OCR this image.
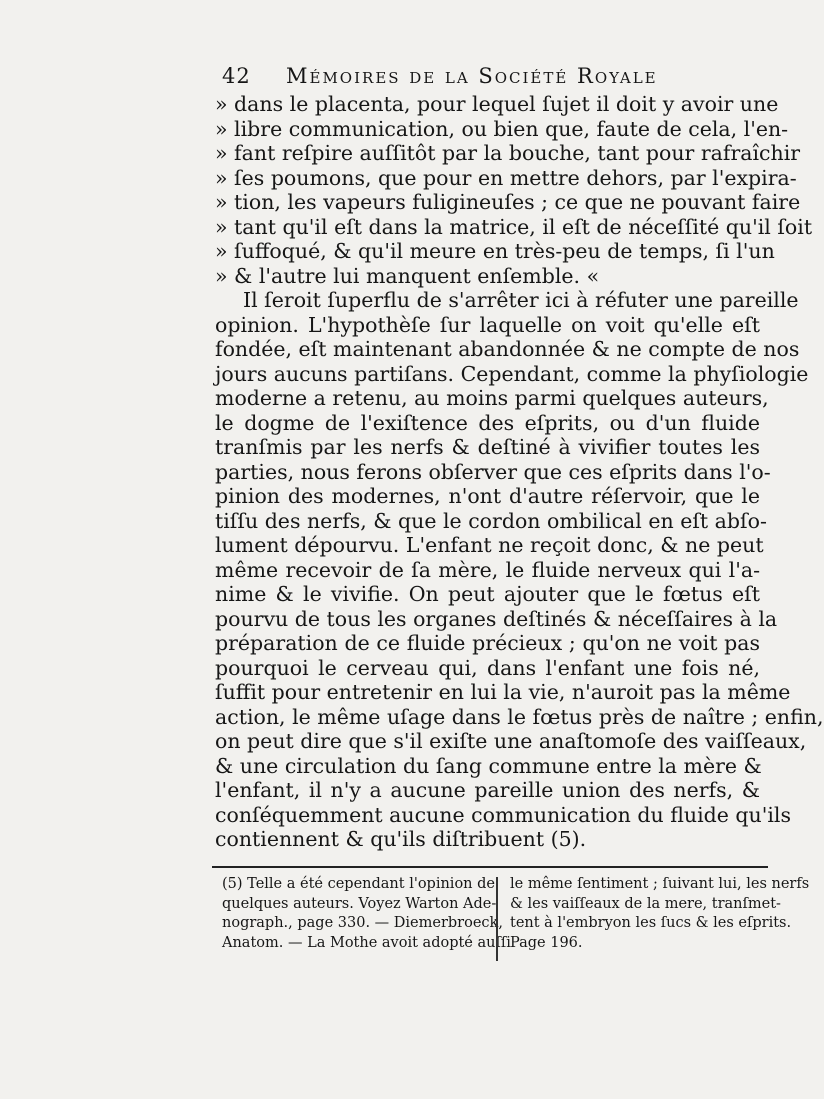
42 Mémoires de la Société Royale
» dans le placenta, pour lequel ſujet il doit y avoir une
» libre communication, ou bien que, faute de cela, l'en-
» fant reſpire auſſitôt par la bouche, tant pour rafraîchir
» ſes poumons, que pour en mettre dehors, par l'expira-
» tion, les vapeurs fuligineuſes ; ce que ne pouvant faire
» tant qu'il eſt dans la matrice, il eſt de néceſſité qu'il ſoit
» ſuffoqué, & qu'il meure en très-peu de temps, ſi l'un
» & l'autre lui manquent enſemble. «
Il ſeroit ſuperflu de s'arrêter ici à réfuter une pareille
opinion. L'hypothèſe ſur laquelle on voit qu'elle eſt
fondée, eſt maintenant abandonnée & ne compte de nos
jours aucuns partiſans. Cependant, comme la phyſiologie
moderne a retenu, au moins parmi quelques auteurs,
le dogme de l'exiſtence des eſprits, ou d'un fluide
tranſmis par les nerfs & deſtiné à vivifier toutes les
parties, nous ferons obſerver que ces eſprits dans l'o-
pinion des modernes, n'ont d'autre réſervoir, que le
tiſſu des nerfs, & que le cordon ombilical en eſt abſo-
lument dépourvu. L'enfant ne reçoit donc, & ne peut
même recevoir de ſa mère, le fluide nerveux qui l'a-
nime & le vivifie. On peut ajouter que le fœtus eſt
pourvu de tous les organes deſtinés & néceſſaires à la
préparation de ce fluide précieux ; qu'on ne voit pas
pourquoi le cerveau qui, dans l'enfant une fois né,
ſuffit pour entretenir en lui la vie, n'auroit pas la même
action, le même uſage dans le fœtus près de naître ; enfin,
on peut dire que s'il exiſte une anaſtomoſe des vaiſſeaux,
& une circulation du ſang commune entre la mère &
l'enfant, il n'y a aucune pareille union des nerfs, &
conſéquemment aucune communication du fluide qu'ils
contiennent & qu'ils diſtribuent (5).
(5) Telle a été cependant l'opinion de
quelques auteurs. Voyez Warton Ade-
nograph., page 330. — Diemerbroeck,
Anatom. — La Mothe avoit adopté auſſi
le même ſentiment ; ſuivant lui, les nerfs
& les vaiſſeaux de la mere, tranſmet-
tent à l'embryon les ſucs & les eſprits.
Page 196.
